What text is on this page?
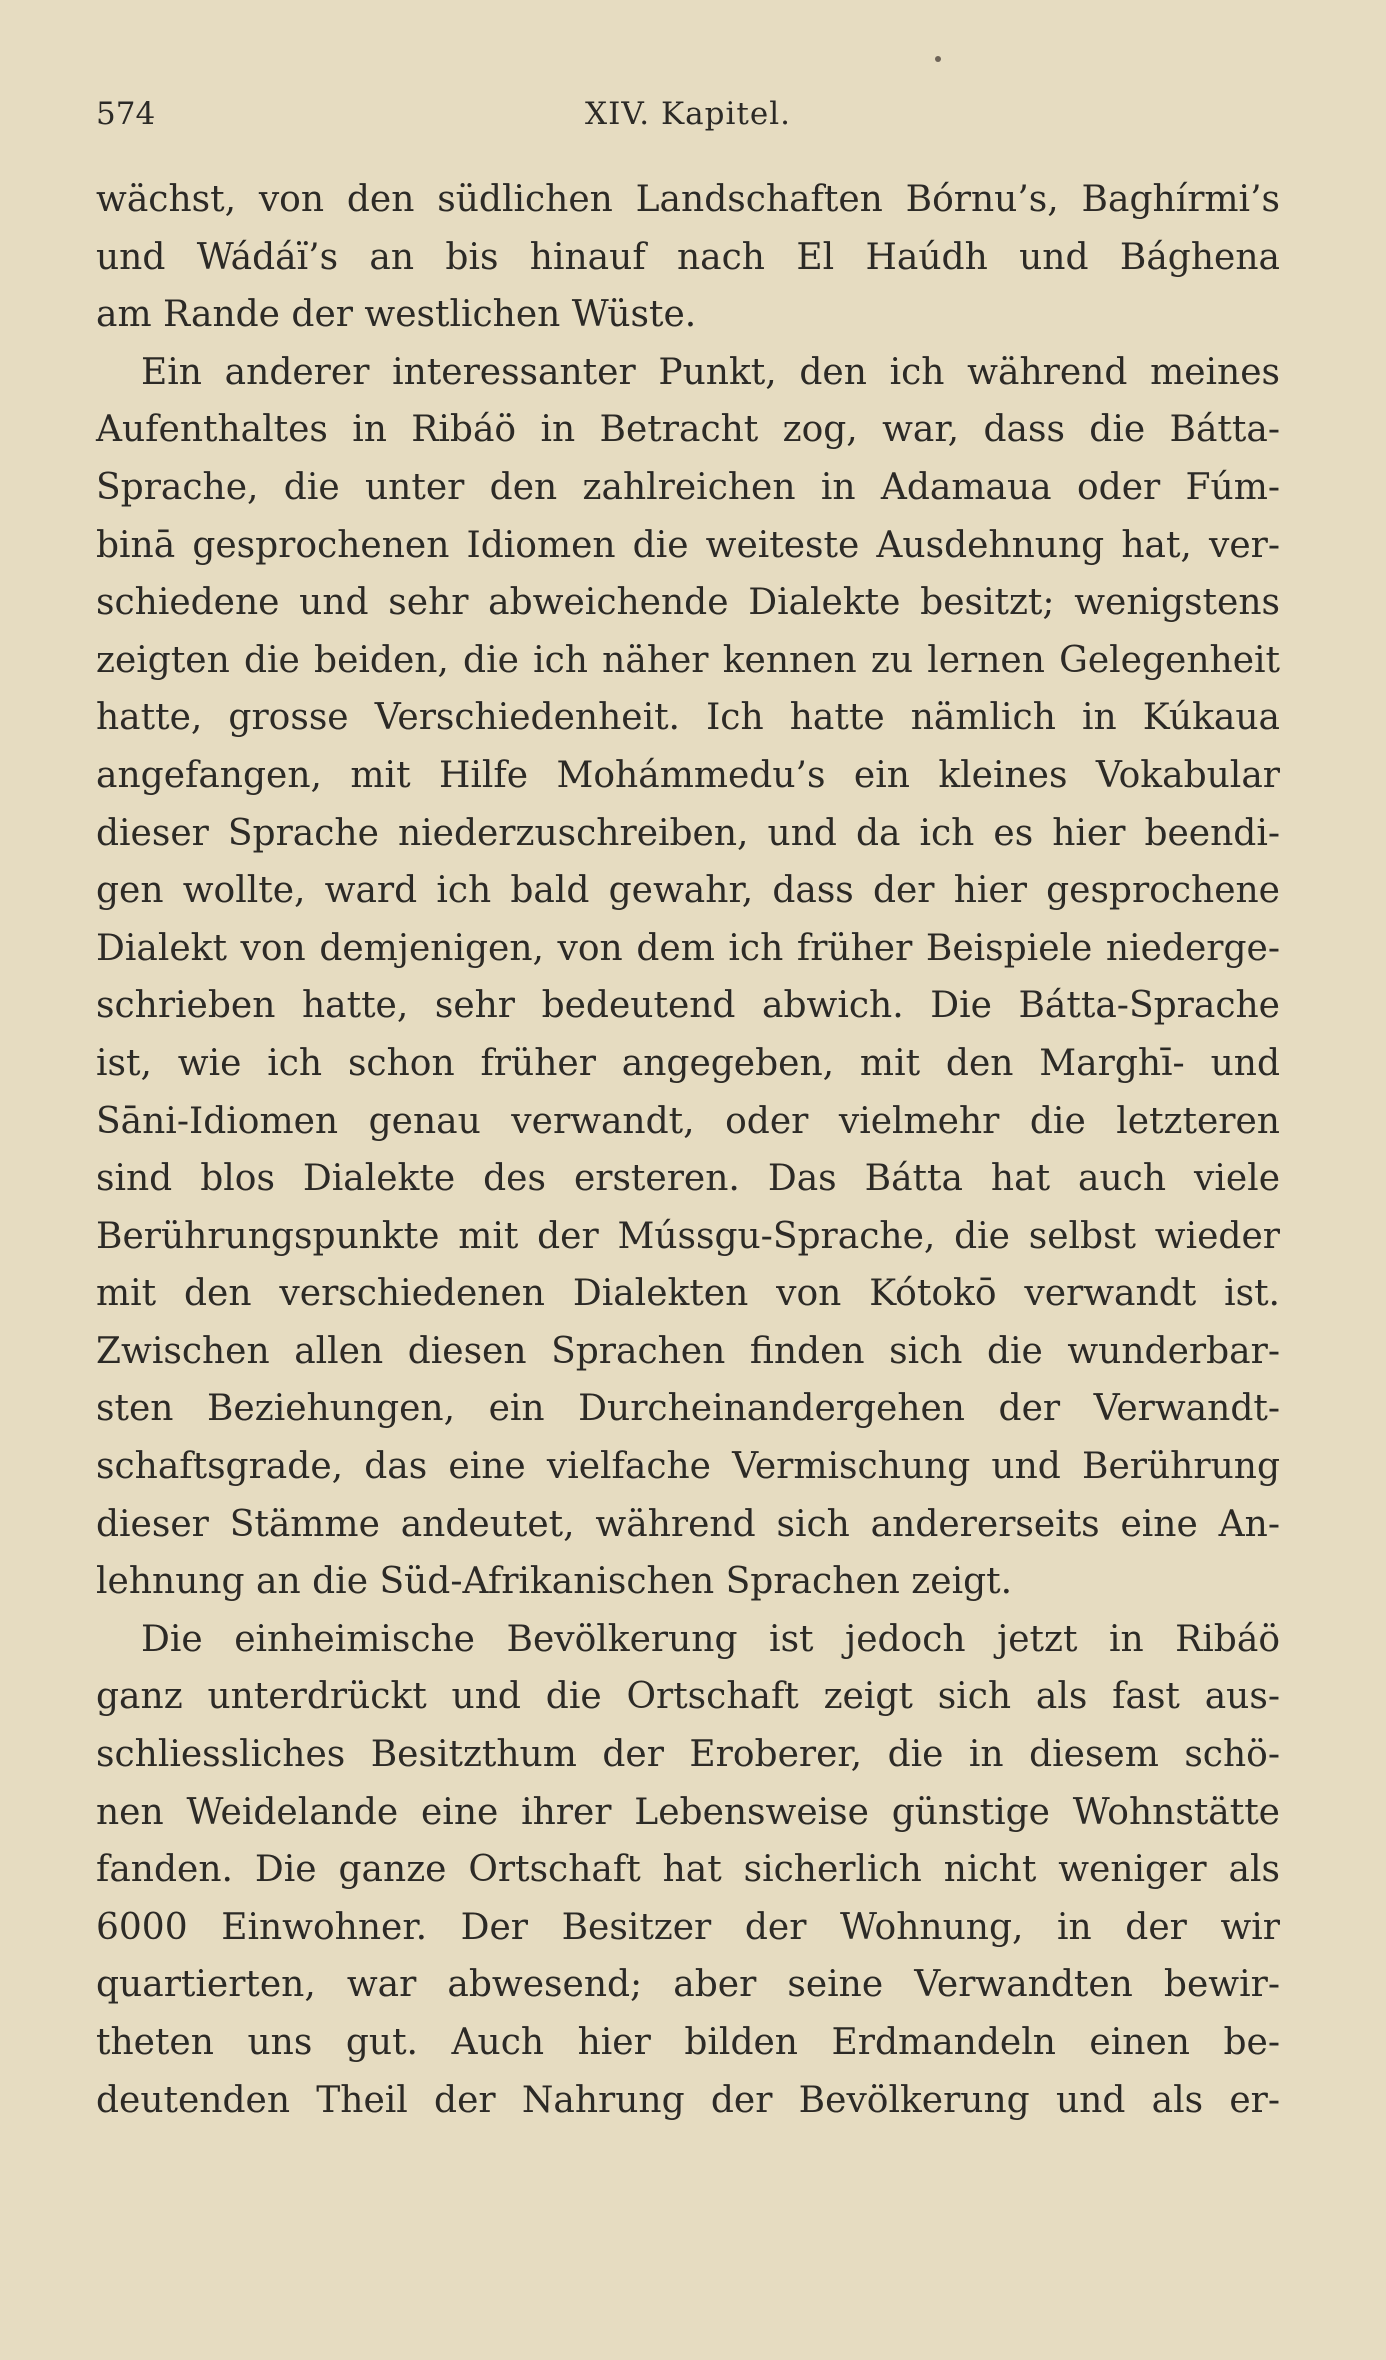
574	XIV. Kapitel.
wächst, von den südlichen Landschaften Bórnu’s, Baghírmi’s
und Wádáï’s an bis hinauf nach El Haúdh und Bághena
am Rande der westlichen Wüste.
Ein anderer interessanter Punkt, den ich während meines
Aufenthaltes in Ribáö in Betracht zog, war, dass die Bátta-
Sprache, die unter den zahlreichen in Adamaua oder Fúm-
binā gesprochenen Idiomen die weiteste Ausdehnung hat, ver-
schiedene und sehr abweichende Dialekte besitzt; wenigstens
zeigten die beiden, die ich näher kennen zu lernen Gelegenheit
hatte, grosse Verschiedenheit. Ich hatte nämlich in Kúkaua
angefangen, mit Hilfe Mohámmedu’s ein kleines Vokabular
dieser Sprache niederzuschreiben, und da ich es hier beendi-
gen wollte, ward ich bald gewahr, dass der hier gesprochene
Dialekt von demjenigen, von dem ich früher Beispiele niederge-
schrieben hatte, sehr bedeutend abwich. Die Bátta-Sprache
ist, wie ich schon früher angegeben, mit den Marghī- und
Sāni-Idiomen genau verwandt, oder vielmehr die letzteren
sind blos Dialekte des ersteren. Das Bátta hat auch viele
Berührungspunkte mit der Mússgu-Sprache, die selbst wieder
mit den verschiedenen Dialekten von Kótokō verwandt ist.
Zwischen allen diesen Sprachen finden sich die wunderbar-
sten Beziehungen, ein Durcheinandergehen der Verwandt-
schaftsgrade, das eine vielfache Vermischung und Berührung
dieser Stämme andeutet, während sich andererseits eine An-
lehnung an die Süd-Afrikanischen Sprachen zeigt.
Die einheimische Bevölkerung ist jedoch jetzt in Ribáö
ganz unterdrückt und die Ortschaft zeigt sich als fast aus-
schliessliches Besitzthum der Eroberer, die in diesem schö-
nen Weidelande eine ihrer Lebensweise günstige Wohnstätte
fanden. Die ganze Ortschaft hat sicherlich nicht weniger als
6000 Einwohner. Der Besitzer der Wohnung, in der wir
quartierten, war abwesend; aber seine Verwandten bewir-
theten uns gut. Auch hier bilden Erdmandeln einen be-
deutenden Theil der Nahrung der Bevölkerung und als er-
